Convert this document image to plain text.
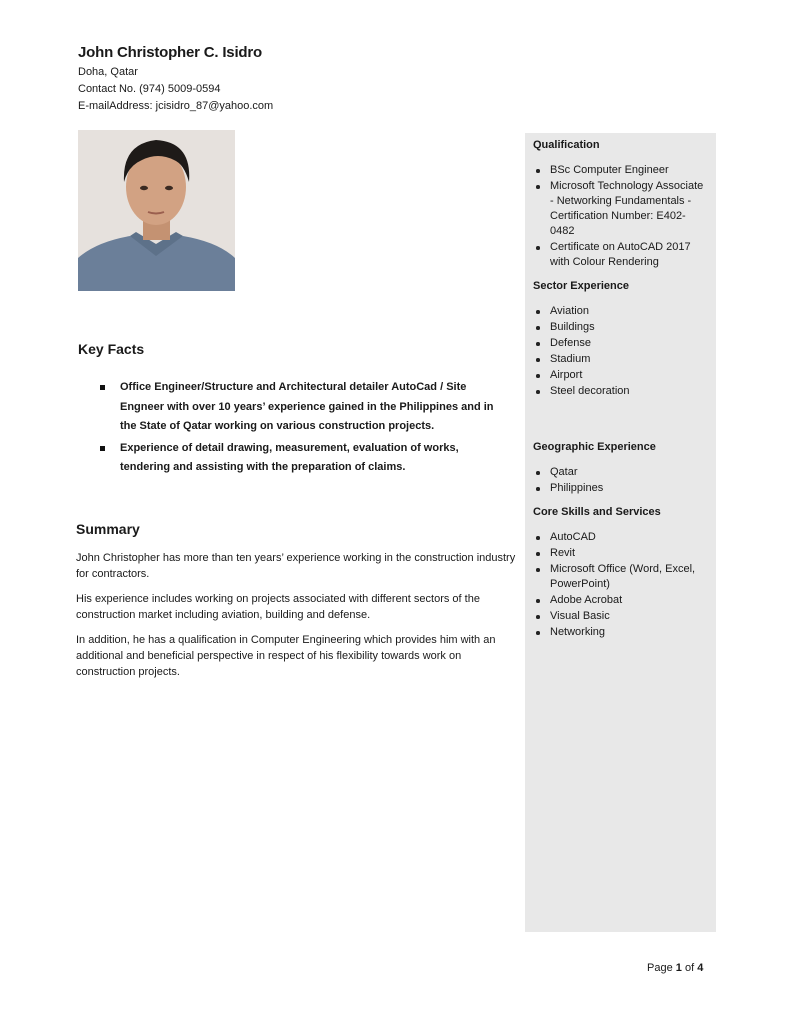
John Christopher C. Isidro

Doha, Qatar

Contact No. (974) 5009-0594

E-mailAddress: jcisidro_87@yahoo.com

Key Facts

Office Engineer/Structure and Architectural detailer AutoCad / Site Engneer with over 10 years’ experience gained in the Philippines and in the State of Qatar working on various construction projects.
Experience of detail drawing, measurement, evaluation of works, tendering and assisting with the preparation of claims.

Summary

John Christopher has more than ten years’ experience working in the construction industry for contractors.

His experience includes working on projects associated with different sectors of the construction market including aviation, building and defense.

In addition, he has a qualification in Computer Engineering which provides him with an additional and beneficial perspective in respect of his flexibility towards work on construction projects.

Qualification

BSc Computer Engineer
Microsoft Technology Associate - Networking Fundamentals - Certification Number: E402- 0482
Certificate on AutoCAD 2017 with Colour Rendering

Sector Experience

Aviation
Buildings
Defense
Stadium
Airport
Steel decoration

Geographic Experience

Qatar
Philippines

Core Skills and Services

AutoCAD
Revit
Microsoft Office (Word, Excel, PowerPoint)
Adobe Acrobat
Visual Basic
Networking
Page 1 of 4
